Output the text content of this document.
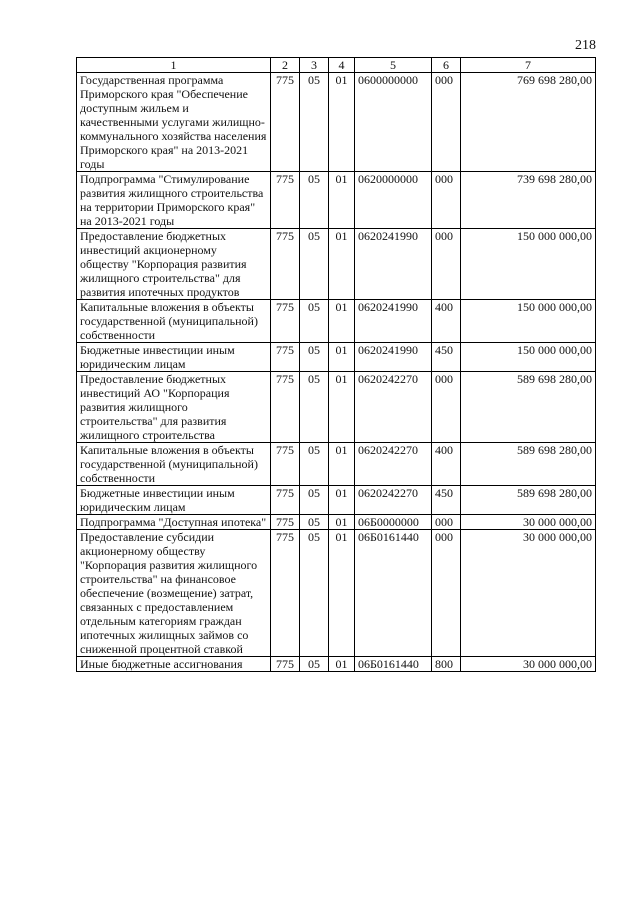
218
1	2	3	4	5	6	7
Государственная программа Приморского края "Обеспечение доступным жильем и качественными услугами жилищно-коммунального хозяйства населения Приморского края" на 2013-2021 годы	775	05	01	0600000000	000	769 698 280,00
Подпрограмма "Стимулирование развития жилищного строительства на территории Приморского края" на 2013-2021 годы	775	05	01	0620000000	000	739 698 280,00
Предоставление бюджетных инвестиций акционерному обществу "Корпорация развития жилищного строительства" для развития ипотечных продуктов	775	05	01	0620241990	000	150 000 000,00
Капитальные вложения в объекты государственной (муниципальной) собственности	775	05	01	0620241990	400	150 000 000,00
Бюджетные инвестиции иным юридическим лицам	775	05	01	0620241990	450	150 000 000,00
Предоставление бюджетных инвестиций АО "Корпорация развития жилищного строительства" для развития жилищного строительства	775	05	01	0620242270	000	589 698 280,00
Капитальные вложения в объекты государственной (муниципальной) собственности	775	05	01	0620242270	400	589 698 280,00
Бюджетные инвестиции иным юридическим лицам	775	05	01	0620242270	450	589 698 280,00
Подпрограмма "Доступная ипотека"	775	05	01	06Б0000000	000	30 000 000,00
Предоставление субсидии акционерному обществу "Корпорация развития жилищного строительства" на финансовое обеспечение (возмещение) затрат, связанных с предоставлением отдельным категориям граждан ипотечных жилищных займов со сниженной процентной ставкой	775	05	01	06Б0161440	000	30 000 000,00
Иные бюджетные ассигнования	775	05	01	06Б0161440	800	30 000 000,00
